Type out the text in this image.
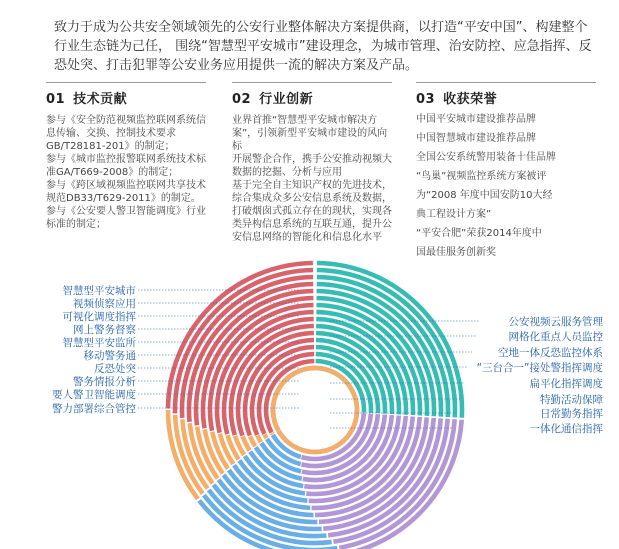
致力于成为公共安全领域领先的公安行业整体解决方案提供商，以打造“平安中国”、构建整个行业生态链为己任， 围绕“智慧型平安城市”建设理念，为城市管理、治安防控、应急指挥、反恐处突、打击犯罪等公安业务应用提供一流的解决方案及产品。
01 技术贡献
参与《安全防范视频监控联网系统信息传输、交换、控制技术要求GB/T28181-201》的制定；
参与《城市监控报警联网系统技术标准GA/T669-2008》的制定；
参与《跨区域视频监控联网共享技术规范DB33/T629-2011》的制定。
参与《公安要人警卫智能调度》行业标准的制定；
02 行业创新
业界首推“智慧型平安城市解决方案”，引领新型平安城市建设的风向标
开展警企合作，携手公安推动视频大数据的挖掘、分析与应用
基于完全自主知识产权的先进技术，综合集成众多公安信息系统及数据，打破烟囱式孤立存在的现状，实现各类异构信息系统的互联互通，提升公安信息网络的智能化和信息化水平
03 收获荣誉
中国平安城市建设推荐品牌
中国智慧城市建设推荐品牌
全国公安系统警用装备十佳品牌
“鸟巢”视频监控系统方案被评
为“2008 年度中国安防10大经
典工程设计方案”
“平安合肥”荣获2014年度中
国最佳服务创新奖
智慧型平安城市
视频侦察应用
可视化调度指挥
网上警务督察
智慧型平安监所
移动警务通
反恐处突
警务情报分析
要人警卫智能调度
警力部署综合管控
公安视频云服务管理
网格化重点人员监控
空地一体反恐监控体系
“三台合一”接处警指挥调度
扁平化指挥调度
特勤活动保障
日常勤务指挥
一体化通信指挥
